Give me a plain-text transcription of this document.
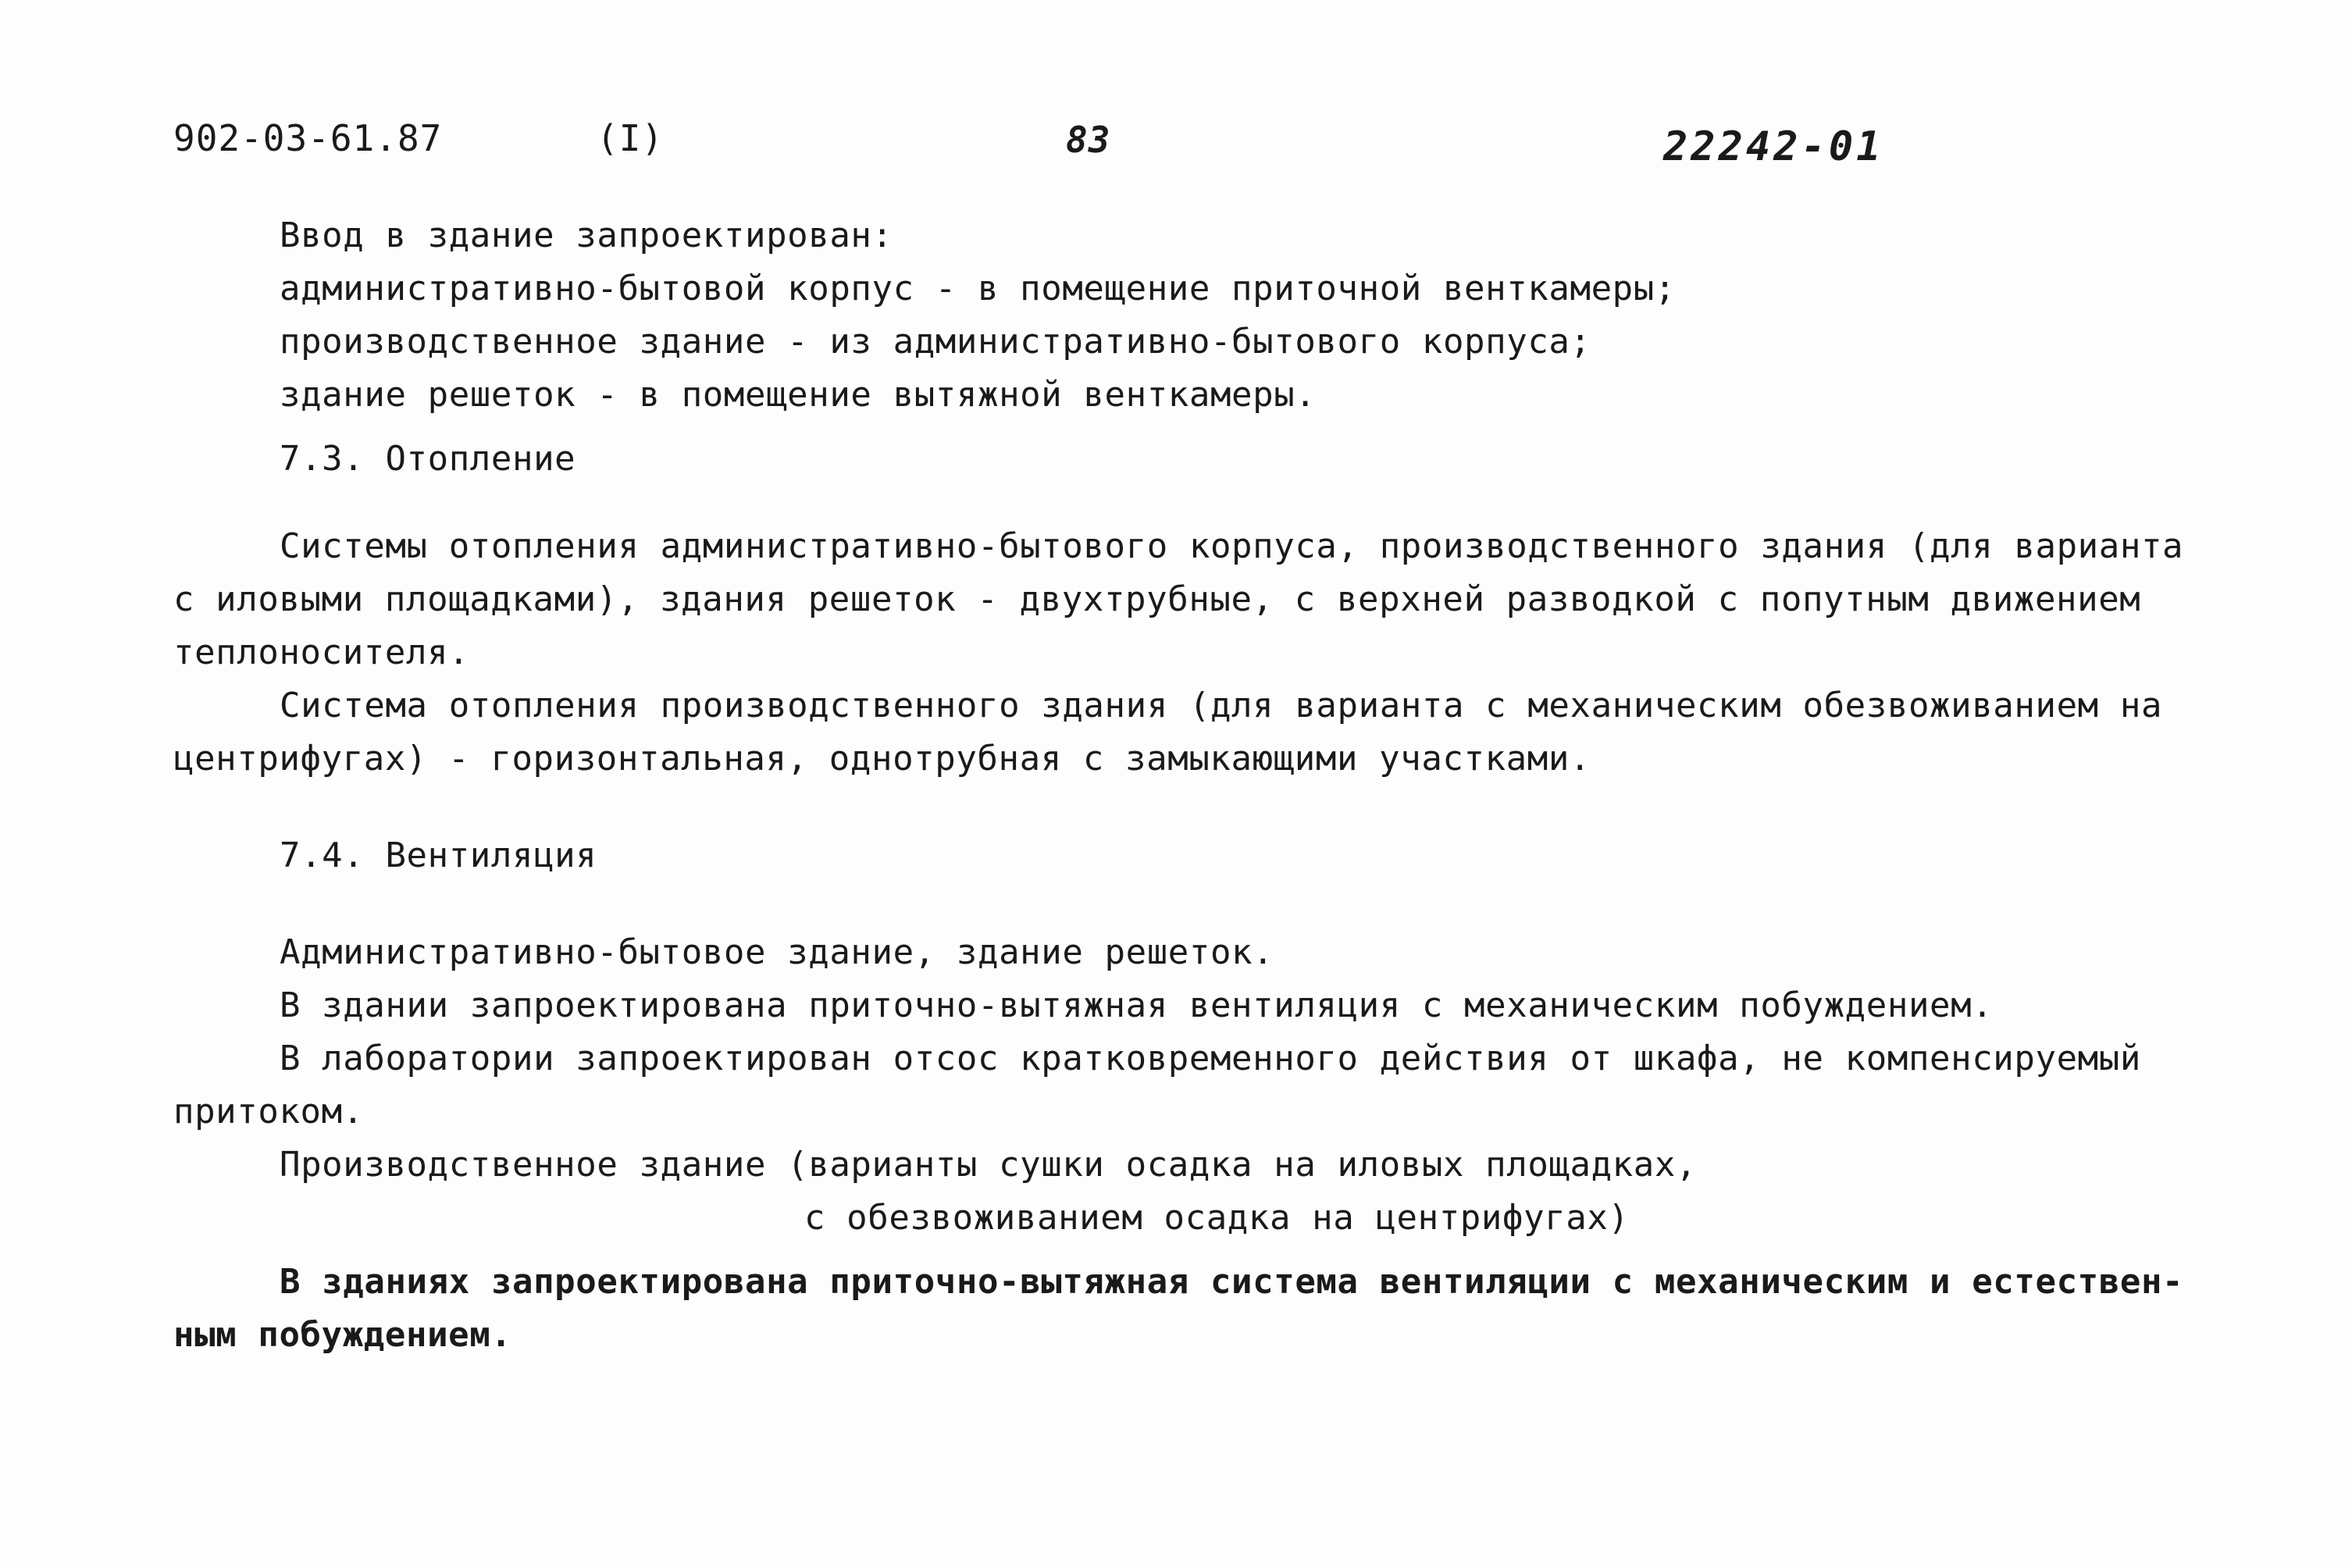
902-03-61.87	(I)	83	22242-01

Ввод в здание запроектирован:

административно-бытовой корпус - в помещение приточной венткамеры;

производственное здание - из административно-бытового корпуса;

здание решеток - в помещение вытяжной венткамеры.

7.3. Отопление

Системы отопления административно-бытового корпуса, производственного здания (для варианта

с иловыми площадками), здания решеток - двухтрубные, с верхней разводкой с попутным движением

теплоносителя.

Система отопления производственного здания (для варианта с механическим обезвоживанием на

центрифугах) - горизонтальная, однотрубная с замыкающими участками.

7.4. Вентиляция

Административно-бытовое здание, здание решеток.

В здании запроектирована приточно-вытяжная вентиляция с механическим побуждением.

В лаборатории запроектирован отсос кратковременного действия от шкафа, не компенсируемый

притоком.

Производственное здание (варианты сушки осадка на иловых площадках,

с обезвоживанием осадка на центрифугах)

В зданиях запроектирована приточно-вытяжная система вентиляции с механическим и естествен-

ным побуждением.
